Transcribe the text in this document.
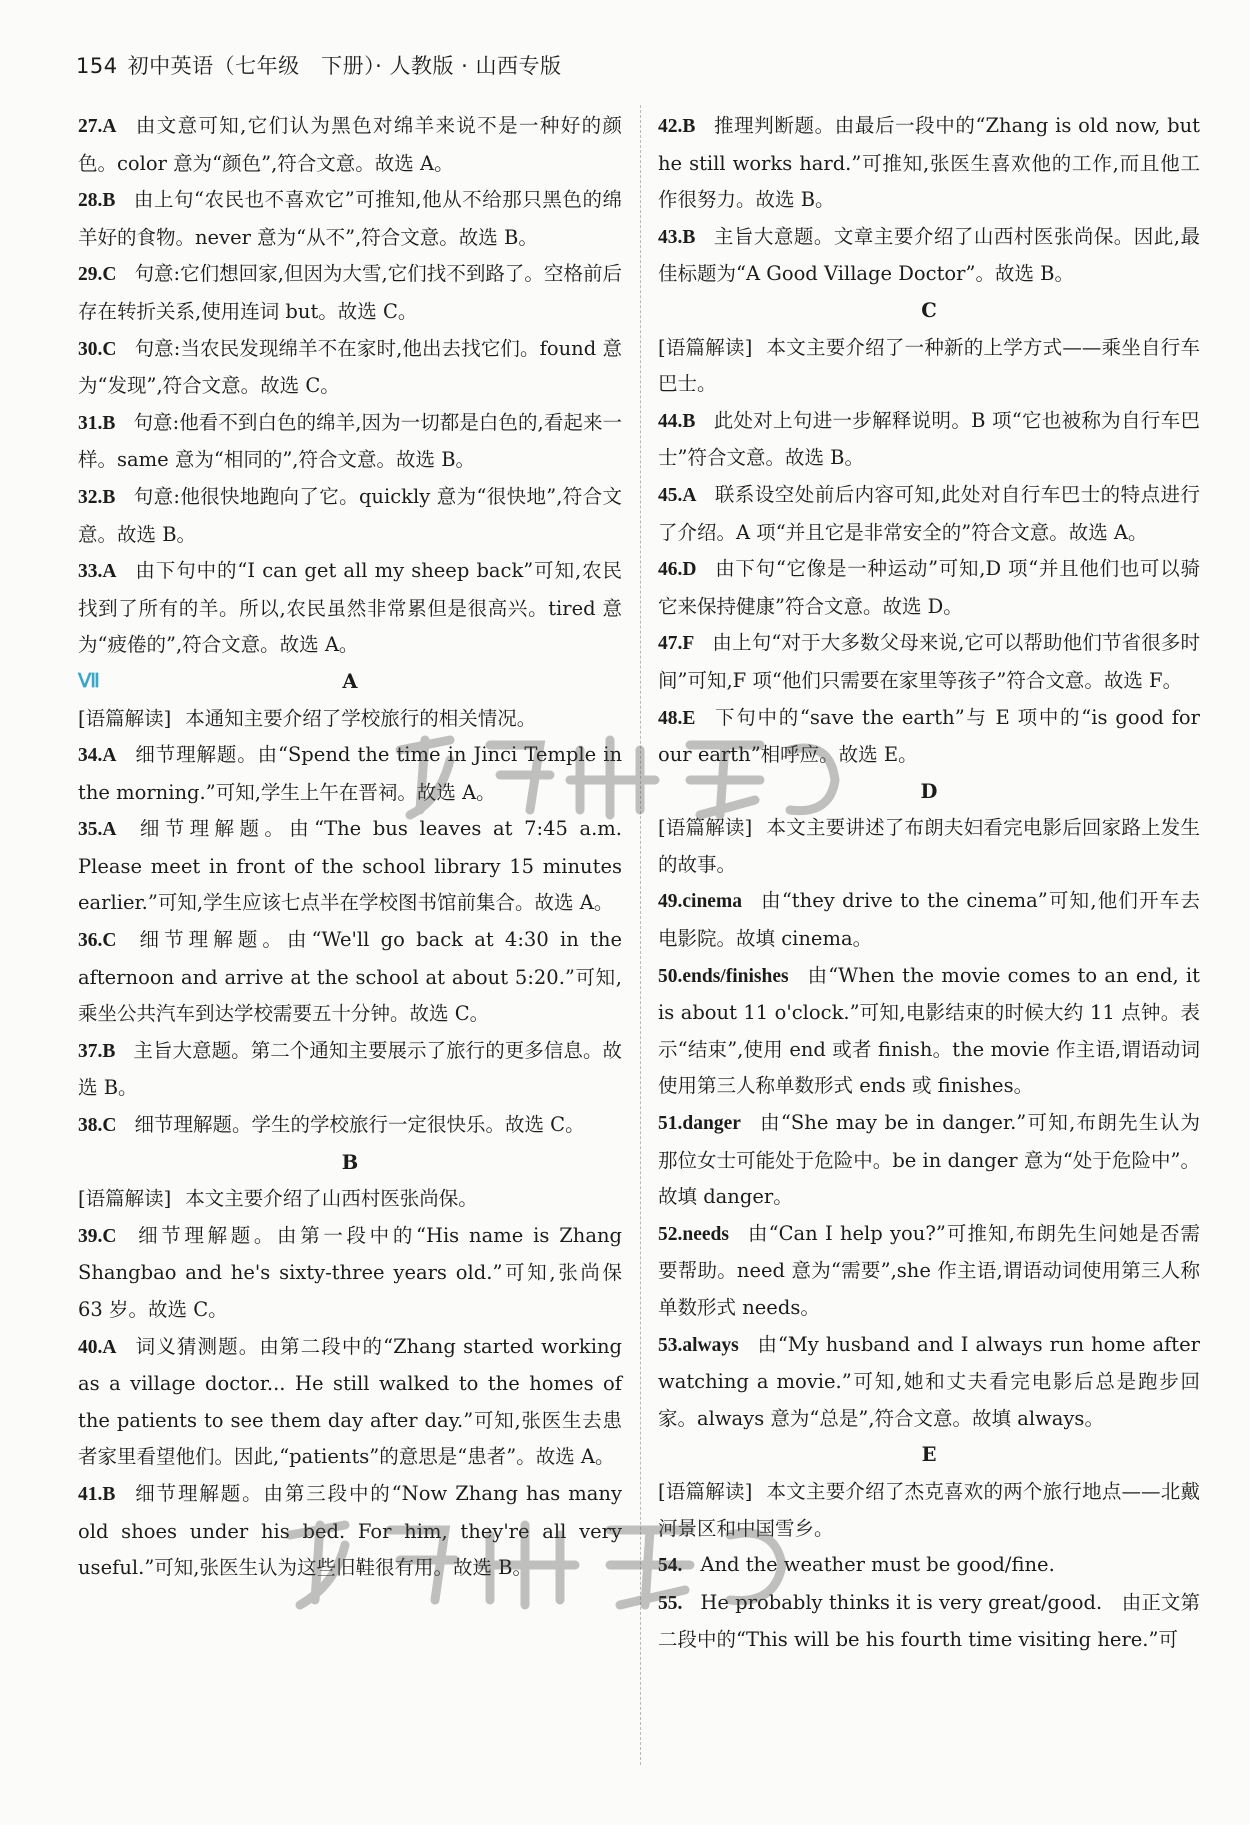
154 初中英语（七年级　下册）· 人教版 · 山西专版

27.A 由文意可知,它们认为黑色对绵羊来说不是一种好的颜色。color 意为“颜色”,符合文意。故选 A。

28.B 由上句“农民也不喜欢它”可推知,他从不给那只黑色的绵羊好的食物。never 意为“从不”,符合文意。故选 B。

29.C 句意:它们想回家,但因为大雪,它们找不到路了。空格前后存在转折关系,使用连词 but。故选 C。

30.C 句意:当农民发现绵羊不在家时,他出去找它们。found 意为“发现”,符合文意。故选 C。

31.B 句意:他看不到白色的绵羊,因为一切都是白色的,看起来一样。same 意为“相同的”,符合文意。故选 B。

32.B 句意:他很快地跑向了它。quickly 意为“很快地”,符合文意。故选 B。

33.A 由下句中的“I can get all my sheep back”可知,农民找到了所有的羊。所以,农民虽然非常累但是很高兴。tired 意为“疲倦的”,符合文意。故选 A。

Ⅶ	A

[语篇解读] 本通知主要介绍了学校旅行的相关情况。

34.A 细节理解题。由“Spend the time in Jinci Temple in the morning.”可知,学生上午在晋祠。故选 A。

35.A 细节理解题。由“The bus leaves at 7:45 a.m. Please meet in front of the school library 15 minutes earlier.”可知,学生应该七点半在学校图书馆前集合。故选 A。

36.C 细节理解题。由“We'll go back at 4:30 in the afternoon and arrive at the school at about 5:20.”可知,乘坐公共汽车到达学校需要五十分钟。故选 C。

37.B 主旨大意题。第二个通知主要展示了旅行的更多信息。故选 B。

38.C 细节理解题。学生的学校旅行一定很快乐。故选 C。

B

[语篇解读] 本文主要介绍了山西村医张尚保。

39.C 细节理解题。由第一段中的“His name is Zhang Shangbao and he's sixty-three years old.”可知,张尚保 63 岁。故选 C。

40.A 词义猜测题。由第二段中的“Zhang started working as a village doctor... He still walked to the homes of the patients to see them day after day.”可知,张医生去患者家里看望他们。因此,“patients”的意思是“患者”。故选 A。

41.B 细节理解题。由第三段中的“Now Zhang has many old shoes under his bed. For him, they're all very useful.”可知,张医生认为这些旧鞋很有用。故选 B。

42.B 推理判断题。由最后一段中的“Zhang is old now, but he still works hard.”可推知,张医生喜欢他的工作,而且他工作很努力。故选 B。

43.B 主旨大意题。文章主要介绍了山西村医张尚保。因此,最佳标题为“A Good Village Doctor”。故选 B。

C

[语篇解读] 本文主要介绍了一种新的上学方式——乘坐自行车巴士。

44.B 此处对上句进一步解释说明。B 项“它也被称为自行车巴士”符合文意。故选 B。

45.A 联系设空处前后内容可知,此处对自行车巴士的特点进行了介绍。A 项“并且它是非常安全的”符合文意。故选 A。

46.D 由下句“它像是一种运动”可知,D 项“并且他们也可以骑它来保持健康”符合文意。故选 D。

47.F 由上句“对于大多数父母来说,它可以帮助他们节省很多时间”可知,F 项“他们只需要在家里等孩子”符合文意。故选 F。

48.E 下句中的“save the earth”与 E 项中的“is good for our earth”相呼应。故选 E。

D

[语篇解读] 本文主要讲述了布朗夫妇看完电影后回家路上发生的故事。

49.cinema 由“they drive to the cinema”可知,他们开车去电影院。故填 cinema。

50.ends/finishes 由“When the movie comes to an end, it is about 11 o'clock.”可知,电影结束的时候大约 11 点钟。表示“结束”,使用 end 或者 finish。the movie 作主语,谓语动词使用第三人称单数形式 ends 或 finishes。

51.danger 由“She may be in danger.”可知,布朗先生认为那位女士可能处于危险中。be in danger 意为“处于危险中”。故填 danger。

52.needs 由“Can I help you?”可推知,布朗先生问她是否需要帮助。need 意为“需要”,she 作主语,谓语动词使用第三人称单数形式 needs。

53.always 由“My husband and I always run home after watching a movie.”可知,她和丈夫看完电影后总是跑步回家。always 意为“总是”,符合文意。故填 always。

E

[语篇解读] 本文主要介绍了杰克喜欢的两个旅行地点——北戴河景区和中国雪乡。

54. And the weather must be good/fine.

55. He probably thinks it is very great/good.　由正文第二段中的“This will be his fourth time visiting here.”可
